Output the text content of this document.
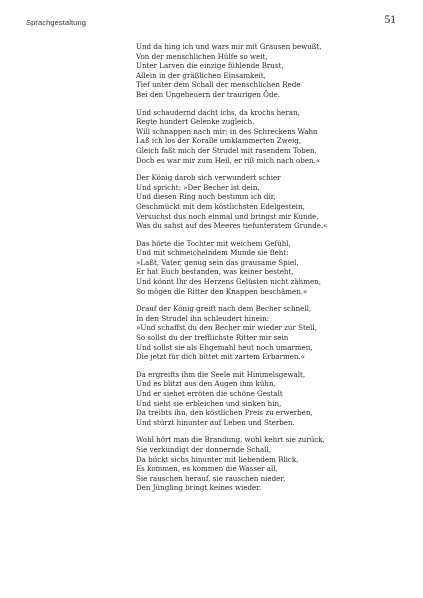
Sprachgestaltung	51
Und da hing ich und wars mir mit Grausen bewußt,
Von der menschlichen Hülfe so weit,
Unter Larven die einzige fühlende Brust,
Allein in der gräßlichen Einsamkeit,
Tief unter dem Schall der menschlichen Rede
Bei den Ungeheuern der traurigen Öde.
Und schaudernd dacht ichs, da krochs heran,
Regte hundert Gelenke zugleich,
Will schnappen nach mir; in des Schreckens Wahn
Laß ich los der Koralle umklammerten Zweig,
Gleich faßt mich der Strudel mit rasendem Toben,
Doch es war mir zum Heil, er riß mich nach oben.«
Der König darob sich verwundert schier
Und spricht: »Der Becher ist dein,
Und diesen Ring noch bestimm ich dir,
Geschmückt mit dem köstlichsten Edelgestein,
Versuchst dus noch einmal und bringst mir Kunde,
Was du sahst auf des Meeres tiefunterstem Grunde.«
Das hörte die Tochter mit weichem Gefühl,
Und mit schmeichelndem Munde sie fleht:
»Laßt, Vater, genug sein das grausame Spiel,
Er hat Euch bestanden, was keiner besteht,
Und könnt Ihr des Herzens Gelüsten nicht zähmen,
So mögen die Ritter den Knappen beschämen.«
Drauf der König greift nach dem Becher schnell,
In den Strudel ihn schleudert hinein:
»Und schaffst du den Becher mir wieder zur Stell,
So sollst du der trefflichste Ritter mir sein
Und sollst sie als Ehgemahl heut noch umarmen,
Die jetzt für dich bittet mit zartem Erbarmen.«
Da ergreifts ihm die Seele mit Himmelsgewalt,
Und es blitzt aus den Augen ihm kühn,
Und er siehet erröten die schöne Gestalt
Und sieht sie erbleichen und sinken hin,
Da treibts ihn, den köstlichen Preis zu erwerben,
Und stürzt hinunter auf Leben und Sterben.
Wohl hört man die Brandung, wohl kehrt sie zurück,
Sie verkündigt der donnernde Schall,
Da bückt sichs hinunter mit liebendem Blick,
Es kommen, es kommen die Wasser all,
Sie rauschen herauf, sie rauschen nieder,
Den Jüngling bringt keines wieder.
